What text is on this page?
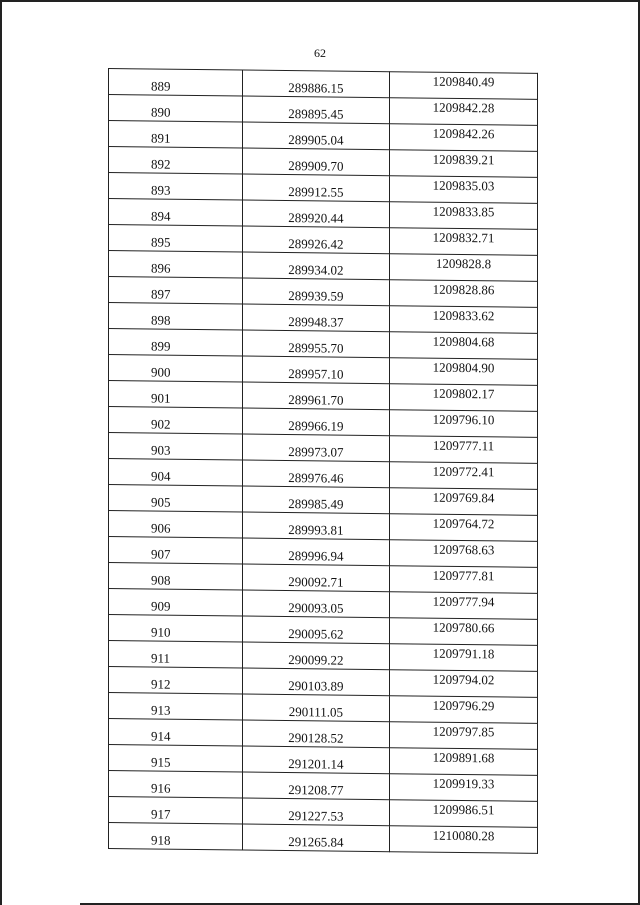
62
889	289886.15	1209840.49
890	289895.45	1209842.28
891	289905.04	1209842.26
892	289909.70	1209839.21
893	289912.55	1209835.03
894	289920.44	1209833.85
895	289926.42	1209832.71
896	289934.02	1209828.8
897	289939.59	1209828.86
898	289948.37	1209833.62
899	289955.70	1209804.68
900	289957.10	1209804.90
901	289961.70	1209802.17
902	289966.19	1209796.10
903	289973.07	1209777.11
904	289976.46	1209772.41
905	289985.49	1209769.84
906	289993.81	1209764.72
907	289996.94	1209768.63
908	290092.71	1209777.81
909	290093.05	1209777.94
910	290095.62	1209780.66
911	290099.22	1209791.18
912	290103.89	1209794.02
913	290111.05	1209796.29
914	290128.52	1209797.85
915	291201.14	1209891.68
916	291208.77	1209919.33
917	291227.53	1209986.51
918	291265.84	1210080.28
